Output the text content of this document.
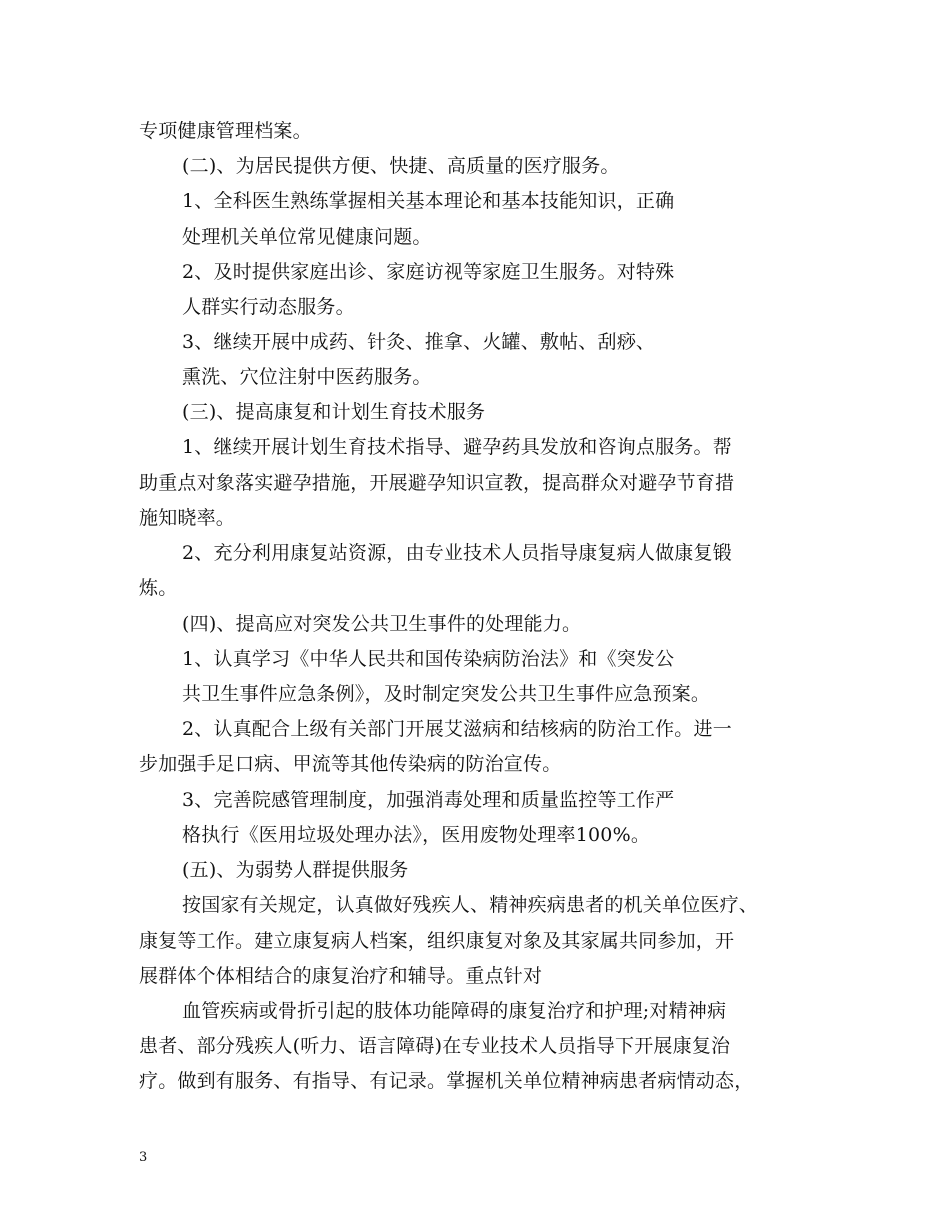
专项健康管理档案。
(二)、为居民提供方便、快捷、高质量的医疗服务。
1、全科医生熟练掌握相关基本理论和基本技能知识，正确
处理机关单位常见健康问题。
2、及时提供家庭出诊、家庭访视等家庭卫生服务。对特殊
人群实行动态服务。
3、继续开展中成药、针灸、推拿、火罐、敷帖、刮痧、
熏洗、穴位注射中医药服务。
(三)、提高康复和计划生育技术服务
1、继续开展计划生育技术指导、避孕药具发放和咨询点服务。帮
助重点对象落实避孕措施，开展避孕知识宣教，提高群众对避孕节育措
施知晓率。
2、充分利用康复站资源，由专业技术人员指导康复病人做康复锻
炼。
(四)、提高应对突发公共卫生事件的处理能力。
1、认真学习《中华人民共和国传染病防治法》和《突发公
共卫生事件应急条例》，及时制定突发公共卫生事件应急预案。
2、认真配合上级有关部门开展艾滋病和结核病的防治工作。进一
步加强手足口病、甲流等其他传染病的防治宣传。
3、完善院感管理制度，加强消毒处理和质量监控等工作严
格执行《医用垃圾处理办法》，医用废物处理率100%。
(五)、为弱势人群提供服务
按国家有关规定，认真做好残疾人、精神疾病患者的机关单位医疗、
康复等工作。建立康复病人档案，组织康复对象及其家属共同参加，开
展群体个体相结合的康复治疗和辅导。重点针对
血管疾病或骨折引起的肢体功能障碍的康复治疗和护理;对精神病
患者、部分残疾人(听力、语言障碍)在专业技术人员指导下开展康复治
疗。做到有服务、有指导、有记录。掌握机关单位精神病患者病情动态，
3
